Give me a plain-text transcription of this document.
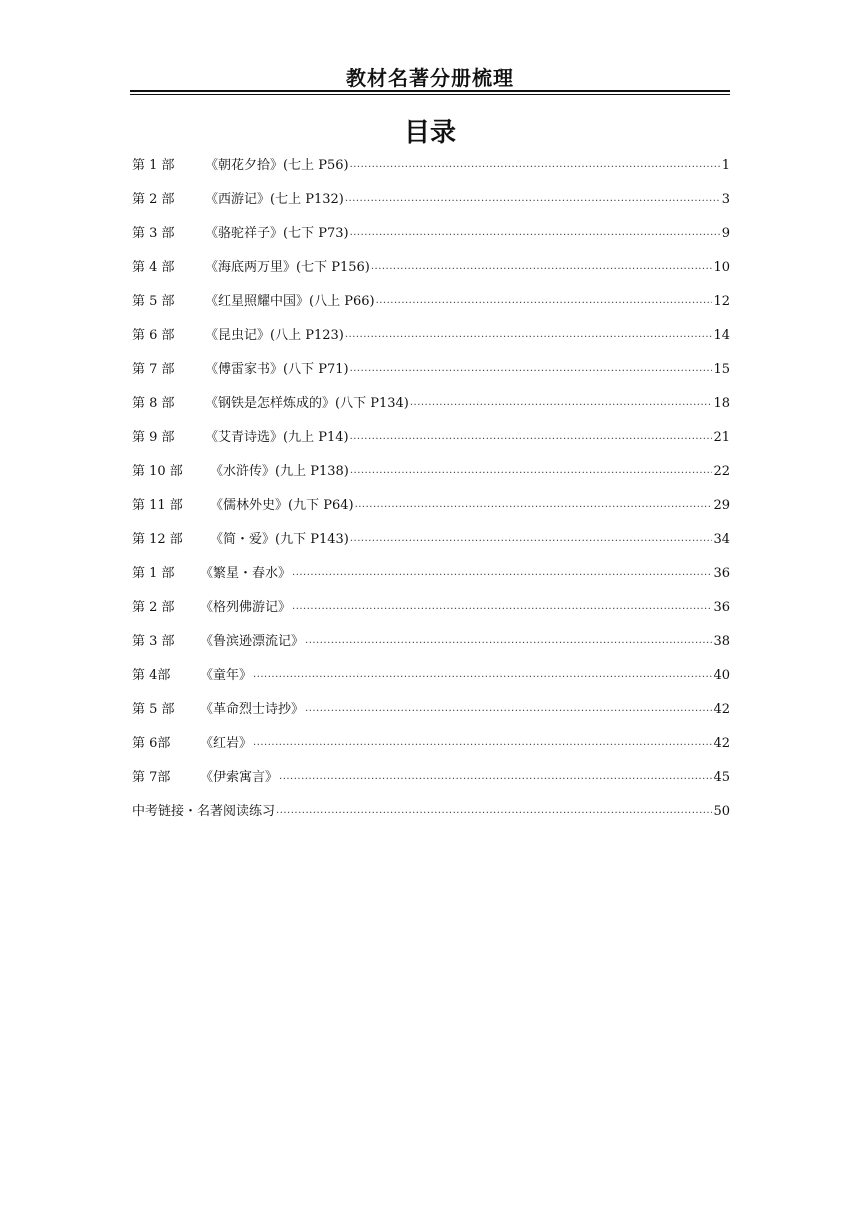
教材名著分册梳理
目录
第 1 部	《朝花夕拾》(七上 P56) .....	1
第 2 部	《西游记》(七上 P132) .....	3
第 3 部	《骆驼祥子》(七下 P73) .....	9
第 4 部	《海底两万里》(七下 P156) .....	10
第 5 部	《红星照耀中国》(八上 P66) .....	12
第 6 部	《昆虫记》(八上 P123) .....	14
第 7 部	《傅雷家书》(八下 P71) .....	15
第 8 部	《钢铁是怎样炼成的》(八下 P134) .....	18
第 9 部	《艾青诗选》(九上 P14) .....	21
第 10 部	《水浒传》(九上 P138) .....	22
第 11 部	《儒林外史》(九下 P64) .....	29
第 12 部	《简・爱》(九下 P143) .....	34
第 1 部	《繁星・春水》 .....	36
第 2 部	《格列佛游记》 .....	36
第 3 部	《鲁滨逊漂流记》 .....	38
第 4部	《童年》 .....	40
第 5 部	《革命烈士诗抄》 .....	42
第 6部	《红岩》 .....	42
第 7部	《伊索寓言》 .....	45
中考链接・名著阅读练习 .....	50
